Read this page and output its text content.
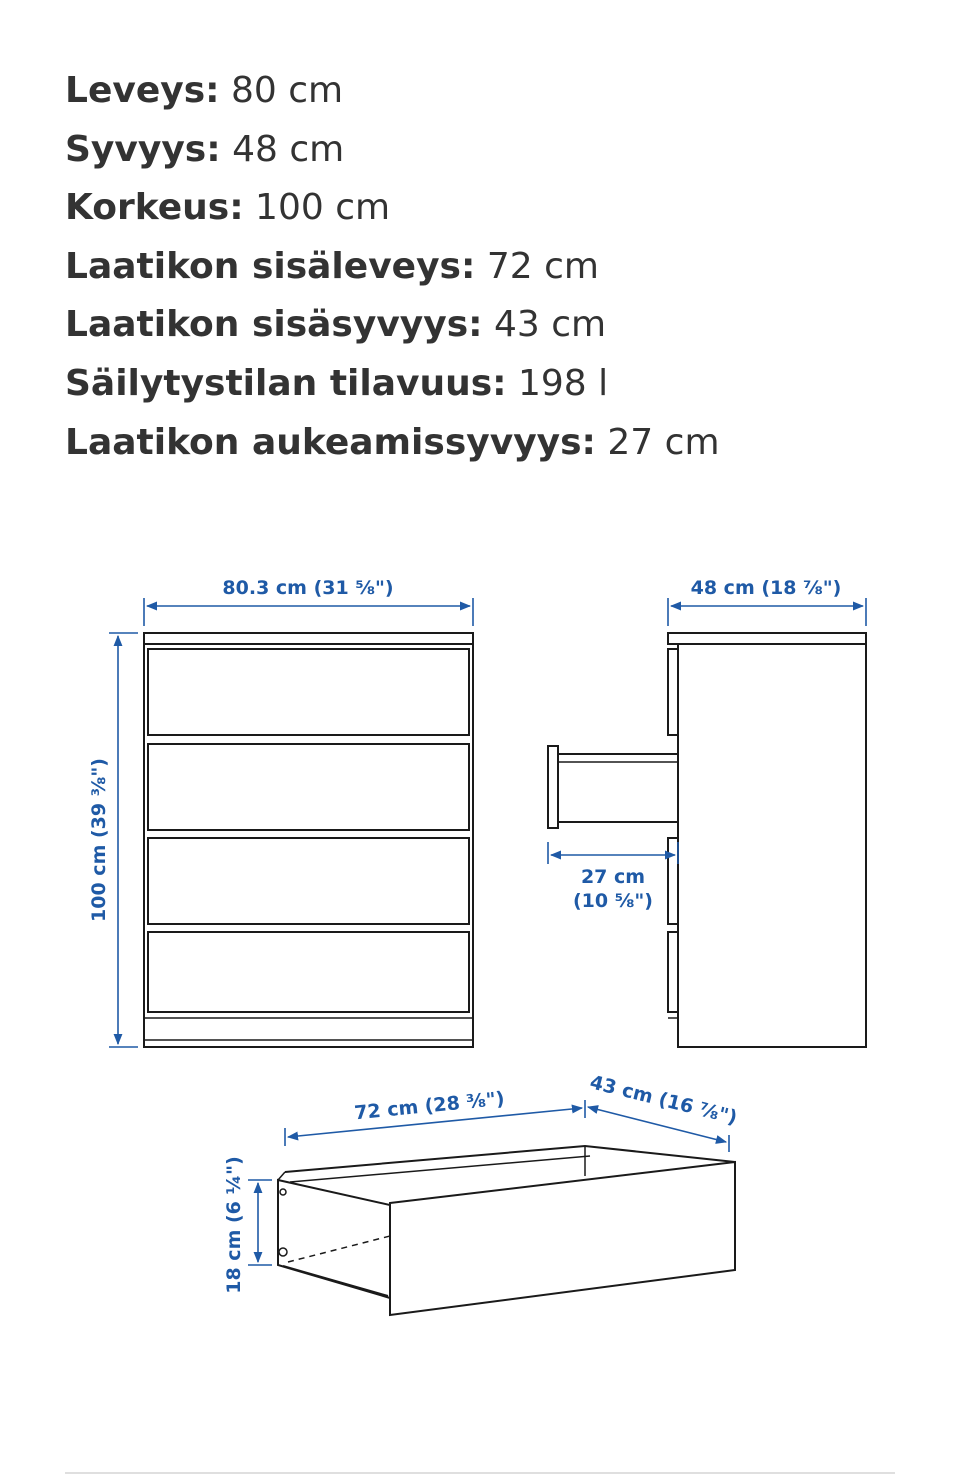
Leveys: 80 cm
Syvyys: 48 cm
Korkeus: 100 cm
Laatikon sisäleveys: 72 cm
Laatikon sisäsyvyys: 43 cm
Säilytystilan tilavuus: 198 l
Laatikon aukeamissyvyys: 27 cm
80.3 cm (31 ⅝")
100 cm (39 ⅜")
48 cm (18 ⅞")
27 cm
(10 ⅝")
72 cm (28 ⅜")	43 cm (16 ⅞")
18 cm (6 ¼")
